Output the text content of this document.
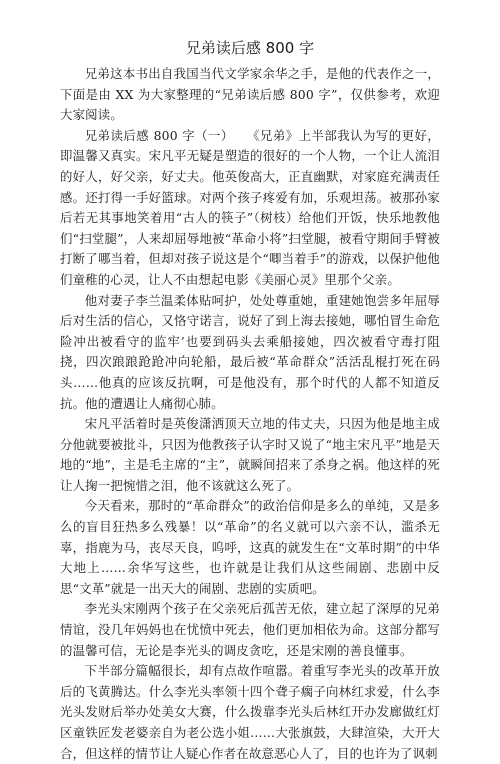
兄弟读后感 800 字

兄弟这本书出自我国当代文学家余华之手，是他的代表作之一，下面是由 XX 为大家整理的“兄弟读后感 800 字”，仅供参考，欢迎大家阅读。

兄弟读后感 800 字（一）　　《兄弟》上半部我认为写的更好，即温馨又真实。宋凡平无疑是塑造的很好的一个人物，一个让人流泪的好人，好父亲，好丈夫。他英俊高大，正直幽默，对家庭充满责任感。还打得一手好篮球。对两个孩子疼爱有加，乐观坦荡。被那孙家后若无其事地笑着用“古人的筷子”（树枝）给他们开饭，快乐地教他们“扫堂腿”，人来却屈辱地被“革命小将”扫堂腿，被看守期间手臂被打断了哪当着，但却对孩子说这是个“唧当着手”的游戏，以保护他他们童稚的心灵，让人不由想起电影《美丽心灵》里那个父亲。

他对妻子李兰温柔体贴呵护，处处尊重她，重建她饱尝多年屈辱后对生活的信心，又恪守诺言，说好了到上海去接她，哪怕冒生命危险冲出被看守的监牢’也要到码头去乘船接她，四次被看守毒打阻挠，四次踉踉跄跄冲向轮船，最后被“革命群众”活活乱棍打死在码头……他真的应该反抗啊，可是他没有，那个时代的人都不知道反抗。他的遭遇让人痛彻心肺。

宋凡平活着时是英俊潇洒顶天立地的伟丈夫，只因为他是地主成分他就要被批斗，只因为他教孩子认字时又说了“地主宋凡平”地是天地的“地”，主是毛主席的“主”，就瞬间招来了杀身之祸。他这样的死让人掬一把惋惜之泪，他不该就这么死了。

今天看来，那时的“革命群众”的政治信仰是多么的单纯，又是多么的盲目狂热多么残暴！以“革命”的名义就可以六亲不认，滥杀无辜，指鹿为马，丧尽天良，呜呼，这真的就发生在“文革时期”的中华大地上……余华写这些，也许就是让我们从这些闹剧、悲剧中反思“文革”就是一出天大的闹剧、悲剧的实质吧。

李光头宋刚两个孩子在父亲死后孤苦无依，建立起了深厚的兄弟情谊，没几年妈妈也在忧愤中死去，他们更加相依为命。这部分都写的温馨可信，无论是李光头的调皮贪吃，还是宋刚的善良懂事。

下半部分篇幅很长，却有点故作喧嚣。着重写李光头的改革开放后的飞黄腾达。什么李光头率领十四个聋子瘸子向林红求爱，什么李光头发财后举办处美女大赛，什么拨靠李光头后林红开办发廊做红灯区童铁匠发老婆亲自为老公选小姐……大张旗鼓，大肆渲染，大开大合，但这样的情节让人疑心作者在故意恶心人了，目的也许为了讽刺
